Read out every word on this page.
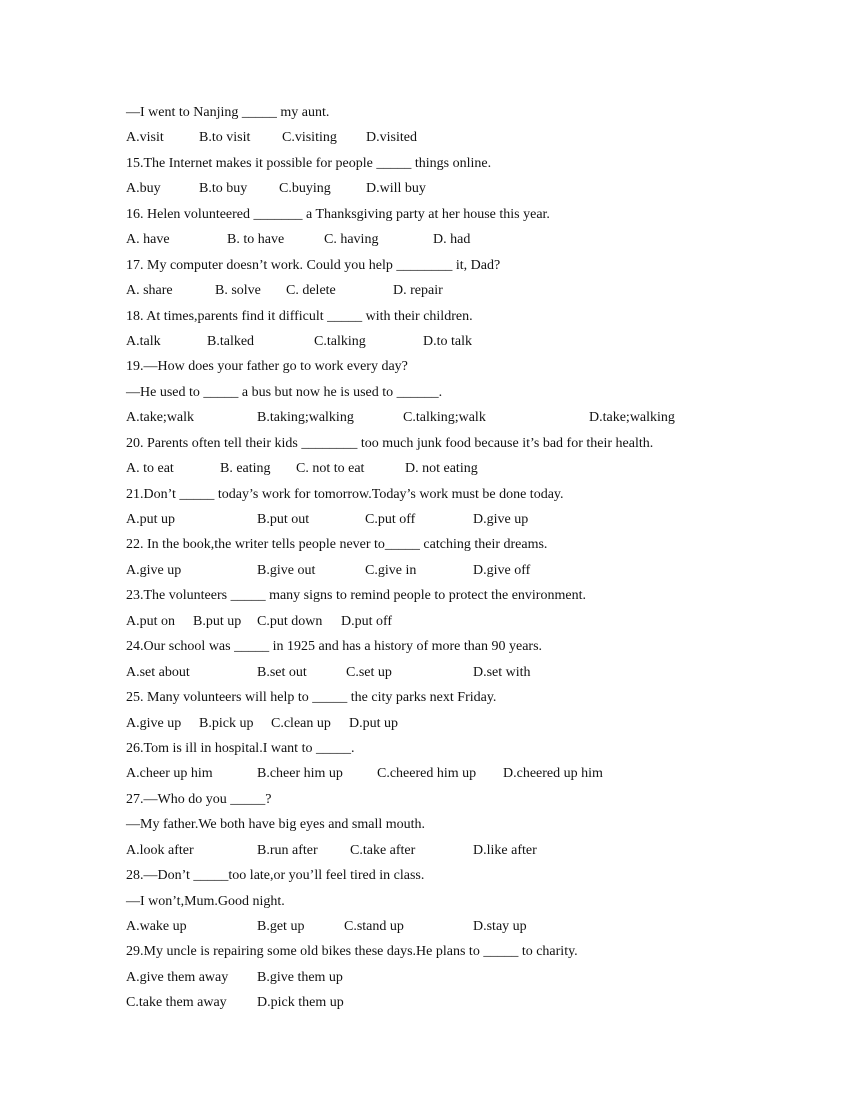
—I went to Nanjing _____ my aunt.
A.visit	B.to visit C.visiting D.visited
15.The Internet makes it possible for people _____ things online.
A.buy	B.to buy C.buying	D.will buy
16. Helen volunteered _______ a Thanksgiving party at her house this year.
A. have	B. to have	C. having	D. had
17. My computer doesn’t work. Could you help ________ it, Dad?
A. share	B. solve C. delete	D. repair
18. At times,parents find it difficult _____ with their children.
A.talk	B.talked	C.talking	D.to talk
19.—How does your father go to work every day?
—He used to _____ a bus but now he is used to ______.
A.take;walk	B.taking;walking	C.talking;walk	D.take;walking
20. Parents often tell their kids ________ too much junk food because it’s bad for their health.
A. to eat	B. eating C. not to eat	D. not eating
21.Don’t _____ today’s work for tomorrow.Today’s work must be done today.
A.put up	B.put out	C.put off	D.give up
22. In the book,the writer tells people never to_____ catching their dreams.
A.give up	B.give out	C.give in	D.give off
23.The volunteers _____ many signs to remind people to protect the environment.
A.put on B.put up C.put down D.put off
24.Our school was _____ in 1925 and has a history of more than 90 years.
A.set about	B.set out	C.set up	D.set with
25. Many volunteers will help to _____ the city parks next Friday.
A.give up B.pick up C.clean up D.put up
26.Tom is ill in hospital.I want to _____.
A.cheer up him	B.cheer him up C.cheered him up D.cheered up him
27.—Who do you _____?
—My father.We both have big eyes and small mouth.
A.look after	B.run after C.take after	D.like after
28.—Don’t _____too late,or you’ll feel tired in class.
—I won’t,Mum.Good night.
A.wake up	B.get up	C.stand up	D.stay up
29.My uncle is repairing some old bikes these days.He plans to _____ to charity.
A.give them away B.give them up
C.take them away D.pick them up
